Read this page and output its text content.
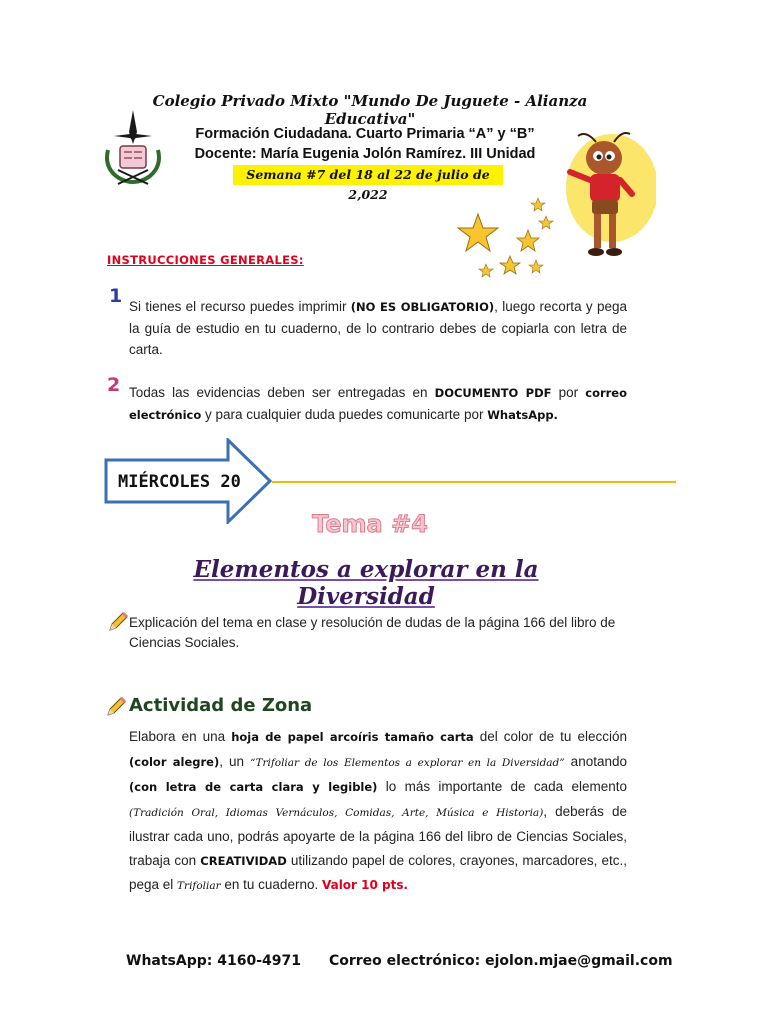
Colegio Privado Mixto "Mundo De Juguete - Alianza Educativa"
Formación Ciudadana. Cuarto Primaria “A” y “B”
Docente: María Eugenia Jolón Ramírez. III Unidad
Semana #7 del 18 al 22 de julio de 2,022
INSTRUCCIONES GENERALES:
1 Si tienes el recurso puedes imprimir (NO ES OBLIGATORIO), luego recorta y pega la guía de estudio en tu cuaderno, de lo contrario debes de copiarla con letra de carta.
2 Todas las evidencias deben ser entregadas en DOCUMENTO PDF por correo electrónico y para cualquier duda puedes comunicarte por WhatsApp.
MIÉRCOLES 20
Tema #4
Elementos a explorar en la Diversidad
Explicación del tema en clase y resolución de dudas de la página 166 del libro de Ciencias Sociales.
Actividad de Zona
Elabora en una hoja de papel arcoíris tamaño carta del color de tu elección (color alegre), un “Trifoliar de los Elementos a explorar en la Diversidad” anotando (con letra de carta clara y legible) lo más importante de cada elemento (Tradición Oral, Idiomas Vernáculos, Comidas, Arte, Música e Historia), deberás de ilustrar cada uno, podrás apoyarte de la página 166 del libro de Ciencias Sociales, trabaja con CREATIVIDAD utilizando papel de colores, crayones, marcadores, etc., pega el Trifoliar en tu cuaderno. Valor 10 pts.
WhatsApp: 4160-4971 Correo electrónico: ejolon.mjae@gmail.com
